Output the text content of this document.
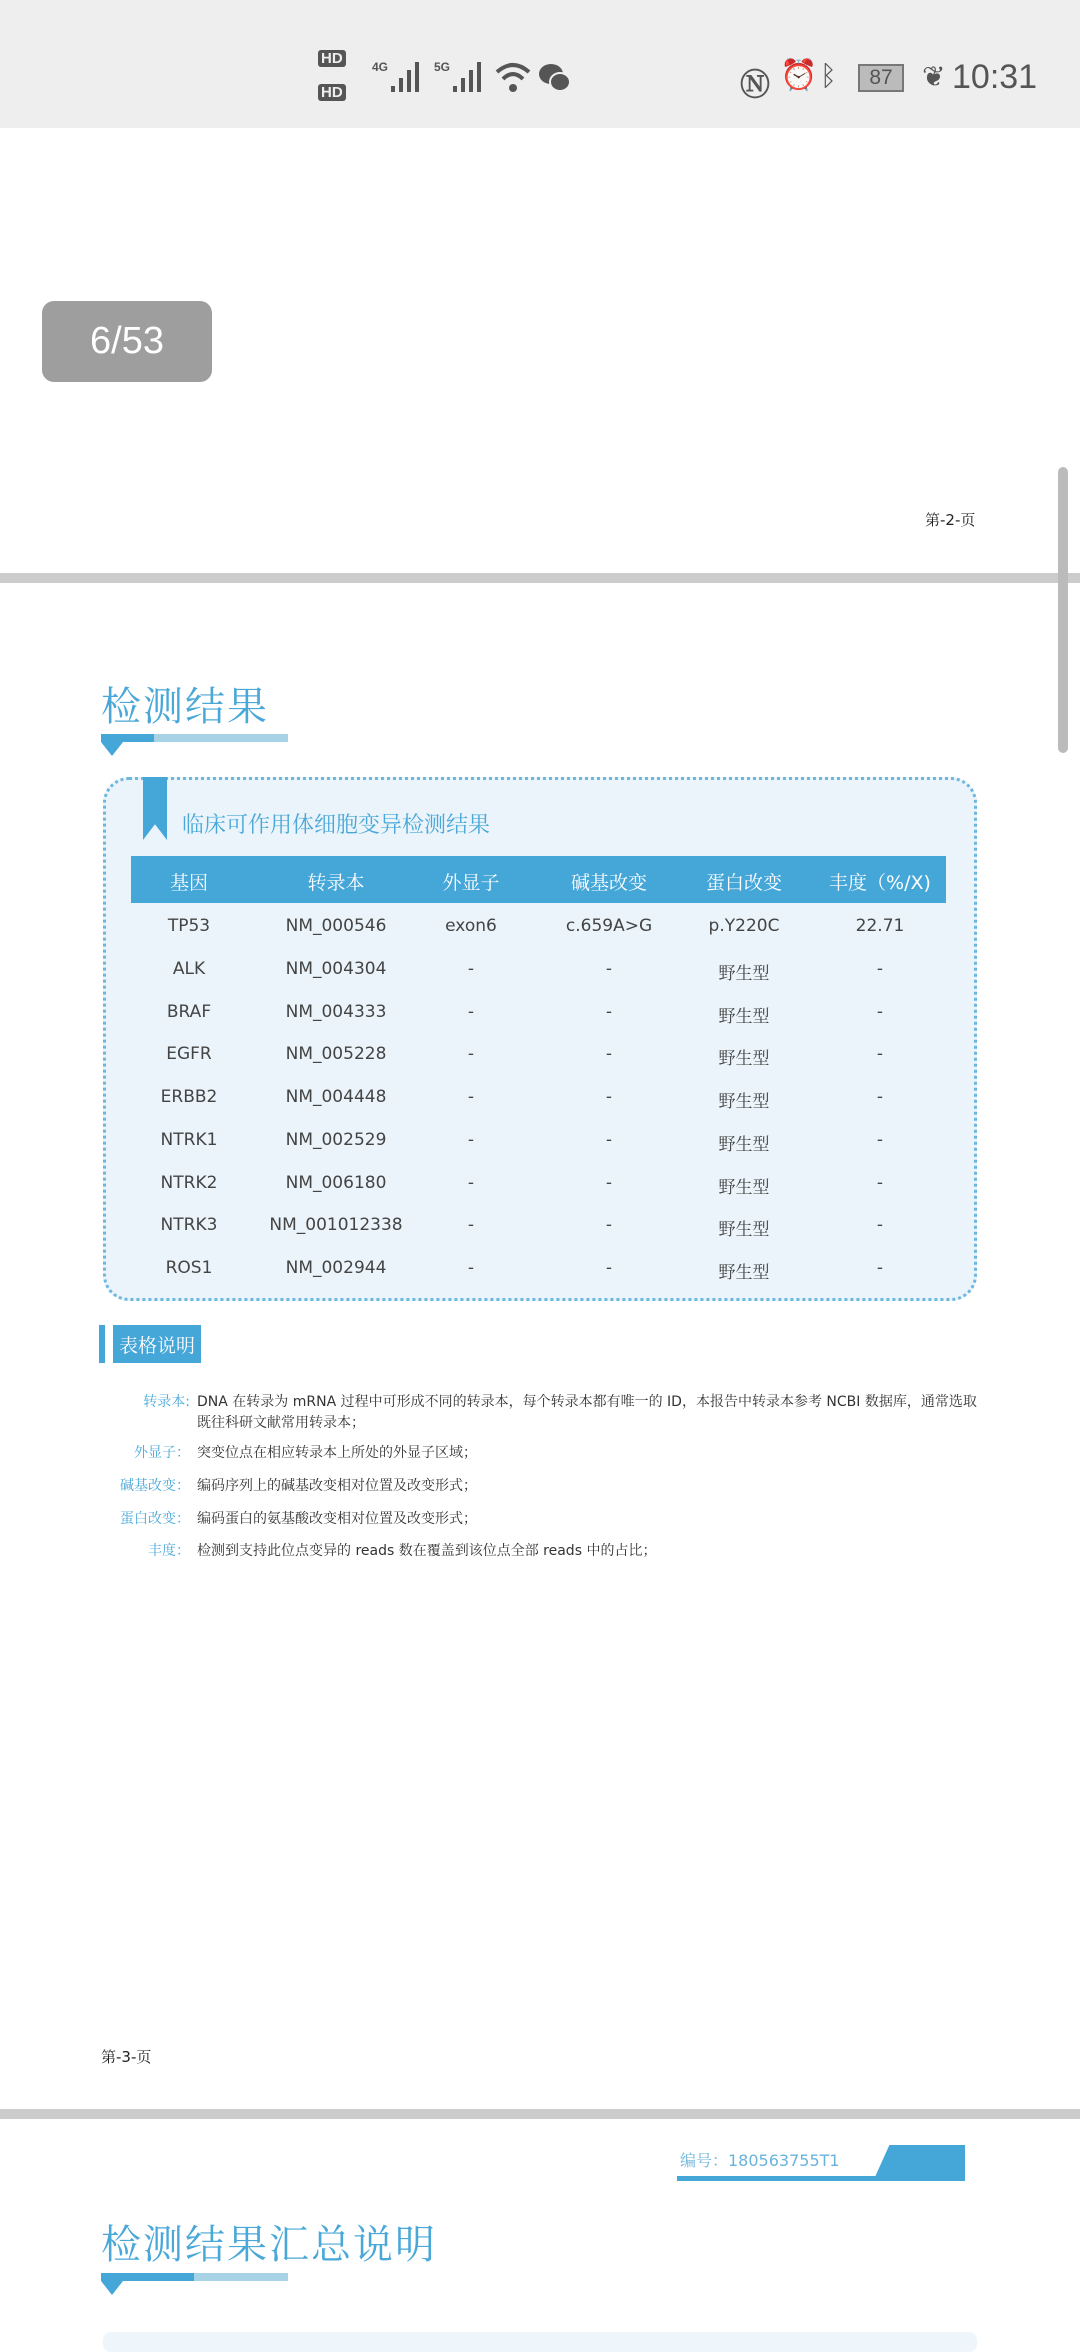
HD
HD
4G	5G
Ⓝ ⏰ ᛒ	87	❦ 10:31
6/53
第-2-页
检测结果
临床可作用体细胞变异检测结果
基因	转录本	外显子	碱基改变	蛋白改变 丰度（%/X)
TP53	NM_000546	exon6	c.659A>G	p.Y220C	22.71
ALK	NM_004304	-	-	野生型	-
BRAF	NM_004333	-	-	野生型	-
EGFR	NM_005228	-	-	野生型	-
ERBB2	NM_004448	-	-	野生型	-
NTRK1	NM_002529	-	-	野生型	-
NTRK2	NM_006180	-	-	野生型	-
NTRK3	NM_001012338	-	-	野生型	-
ROS1	NM_002944	-	-	野生型	-
表格说明
转录本: DNA 在转录为 mRNA 过程中可形成不同的转录本，每个转录本都有唯一的 ID，本报告中转录本参考 NCBI 数据库，通常选取既往科研文献常用转录本；
外显子： 突变位点在相应转录本上所处的外显子区域；
碱基改变： 编码序列上的碱基改变相对位置及改变形式；
蛋白改变： 编码蛋白的氨基酸改变相对位置及改变形式；
丰度： 检测到支持此位点变异的 reads 数在覆盖到该位点全部 reads 中的占比；
第-3-页
编号：180563755T1
检测结果汇总说明
